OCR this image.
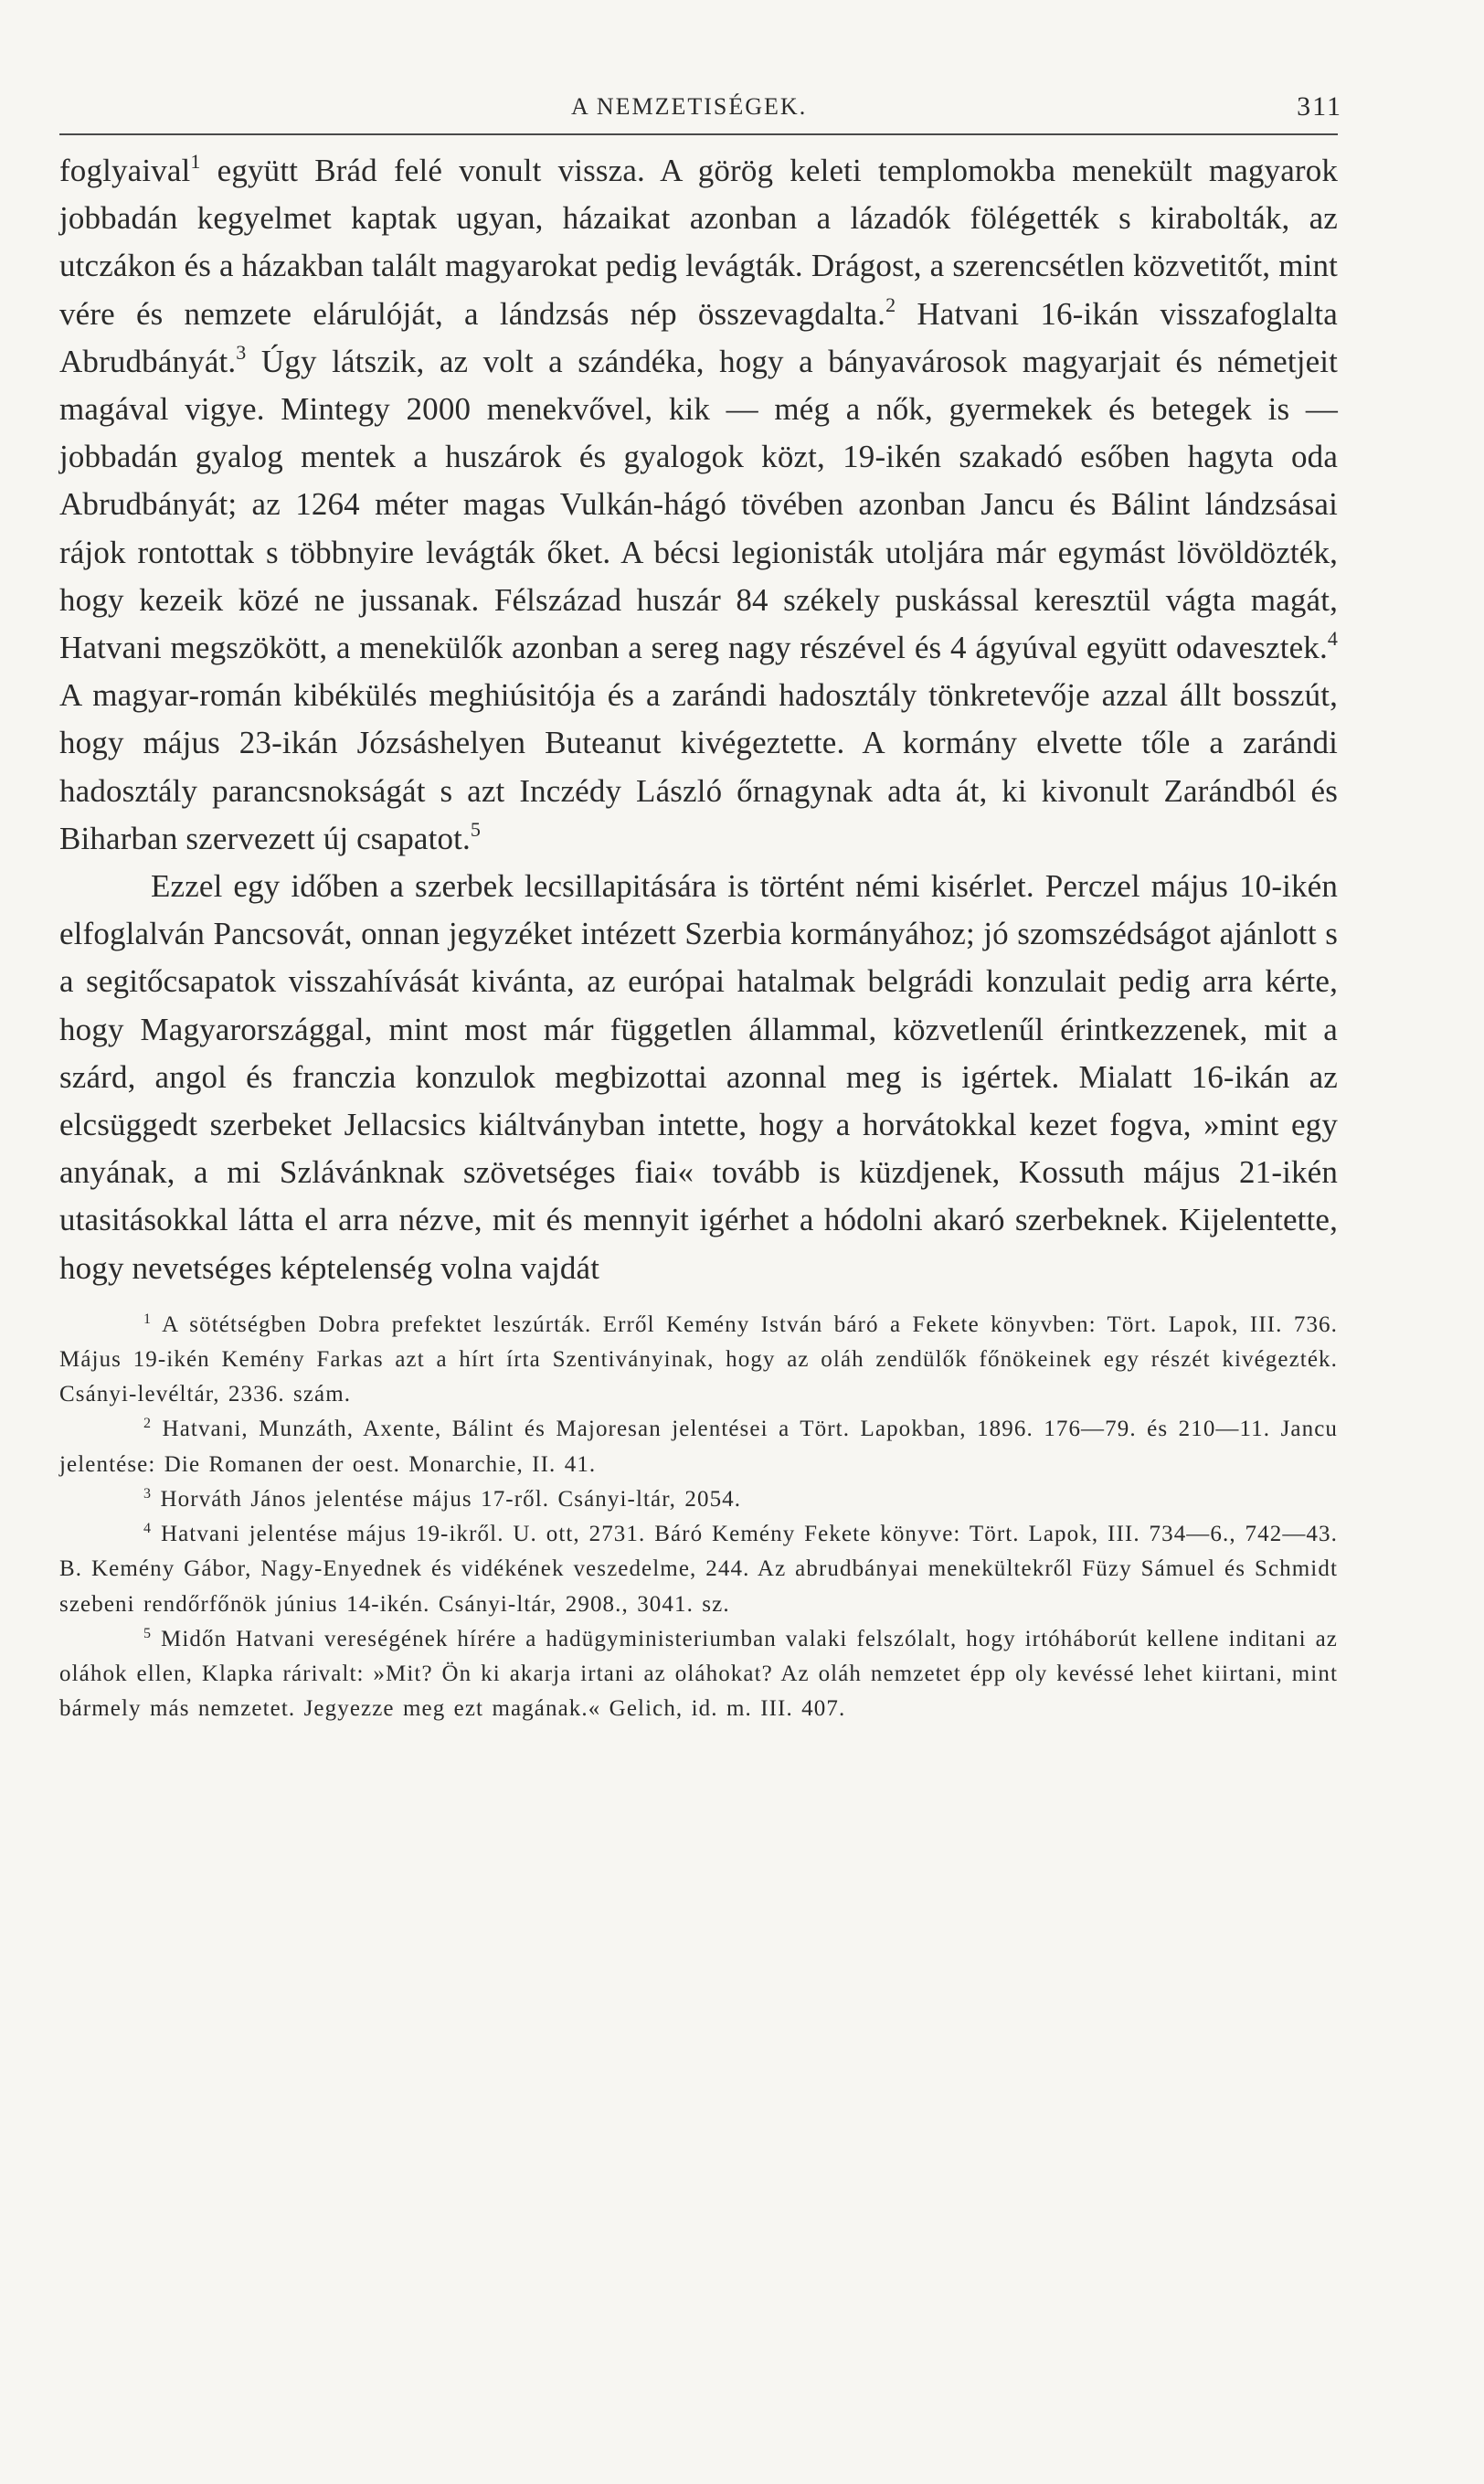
A NEMZETISÉGEK.	311

foglyaival$^1$ együtt Brád felé vonult vissza. A görög keleti templomokba menekült magyarok jobbadán kegyelmet kaptak ugyan, házaikat azonban a lázadók fölégették s kirabolták, az utczákon és a házakban talált magyarokat pedig levágták. Drágost, a szerencsétlen közvetitőt, mint vére és nemzete elárulóját, a lándzsás nép összevagdalta.$^2$ Hatvani 16-ikán visszafoglalta Abrudbányát.$^3$ Úgy látszik, az volt a szándéka, hogy a bányavárosok magyarjait és németjeit magával vigye. Mintegy 2000 menekvővel, kik — még a nők, gyermekek és betegek is — jobbadán gyalog mentek a huszárok és gyalogok közt, 19-ikén szakadó esőben hagyta oda Abrudbányát; az 1264 méter magas Vulkán-hágó tövében azonban Jancu és Bálint lándzsásai rájok rontottak s többnyire levágták őket. A bécsi legionisták utoljára már egymást lövöldözték, hogy kezeik közé ne jussanak. Félszázad huszár 84 székely puskással keresztül vágta magát, Hatvani megszökött, a menekülők azonban a sereg nagy részével és 4 ágyúval együtt odavesztek.$^4$ A magyar-román kibékülés meghiúsitója és a zarándi hadosztály tönkretevője azzal állt bosszút, hogy május 23-ikán Józsáshelyen Buteanut kivégeztette. A kormány elvette tőle a zarándi hadosztály parancsnokságát s azt Inczédy László őrnagynak adta át, ki kivonult Zarándból és Biharban szervezett új csapatot.$^5$

Ezzel egy időben a szerbek lecsillapitására is történt némi kisérlet. Perczel május 10-ikén elfoglalván Pancsovát, onnan jegyzéket intézett Szerbia kormányához; jó szomszédságot ajánlott s a segitőcsapatok visszahívását kivánta, az európai hatalmak belgrádi konzulait pedig arra kérte, hogy Magyarországgal, mint most már független állammal, közvetlenűl érintkezzenek, mit a szárd, angol és franczia konzulok megbizottai azonnal meg is igértek. Mialatt 16-ikán az elcsüggedt szerbeket Jellacsics kiáltványban intette, hogy a horvátokkal kezet fogva, »mint egy anyának, a mi Szlávánknak szövetséges fiai« tovább is küzdjenek, Kossuth május 21-ikén utasitásokkal látta el arra nézve, mit és mennyit igérhet a hódolni akaró szerbeknek. Kijelentette, hogy nevetséges képtelenség volna vajdát

$^1$ A sötétségben Dobra prefektet leszúrták. Erről Kemény István báró a Fekete könyvben: Tört. Lapok, III. 736. Május 19-ikén Kemény Farkas azt a hírt írta Szentiványinak, hogy az oláh zendülők főnökeinek egy részét kivégezték. Csányi-levéltár, 2336. szám.

$^2$ Hatvani, Munzáth, Axente, Bálint és Majoresan jelentései a Tört. Lapokban, 1896. 176—79. és 210—11. Jancu jelentése: Die Romanen der oest. Monarchie, II. 41.

$^3$ Horváth János jelentése május 17-ről. Csányi-ltár, 2054.

$^4$ Hatvani jelentése május 19-ikről. U. ott, 2731. Báró Kemény Fekete könyve: Tört. Lapok, III. 734—6., 742—43. B. Kemény Gábor, Nagy-Enyednek és vidékének veszedelme, 244. Az abrudbányai menekültekről Füzy Sámuel és Schmidt szebeni rendőrfőnök június 14-ikén. Csányi-ltár, 2908., 3041. sz.

$^5$ Midőn Hatvani vereségének hírére a hadügyministeriumban valaki felszólalt, hogy irtóháborút kellene inditani az oláhok ellen, Klapka rárivalt: »Mit? Ön ki akarja irtani az oláhokat? Az oláh nemzetet épp oly kevéssé lehet kiirtani, mint bármely más nemzetet. Jegyezze meg ezt magának.« Gelich, id. m. III. 407.
